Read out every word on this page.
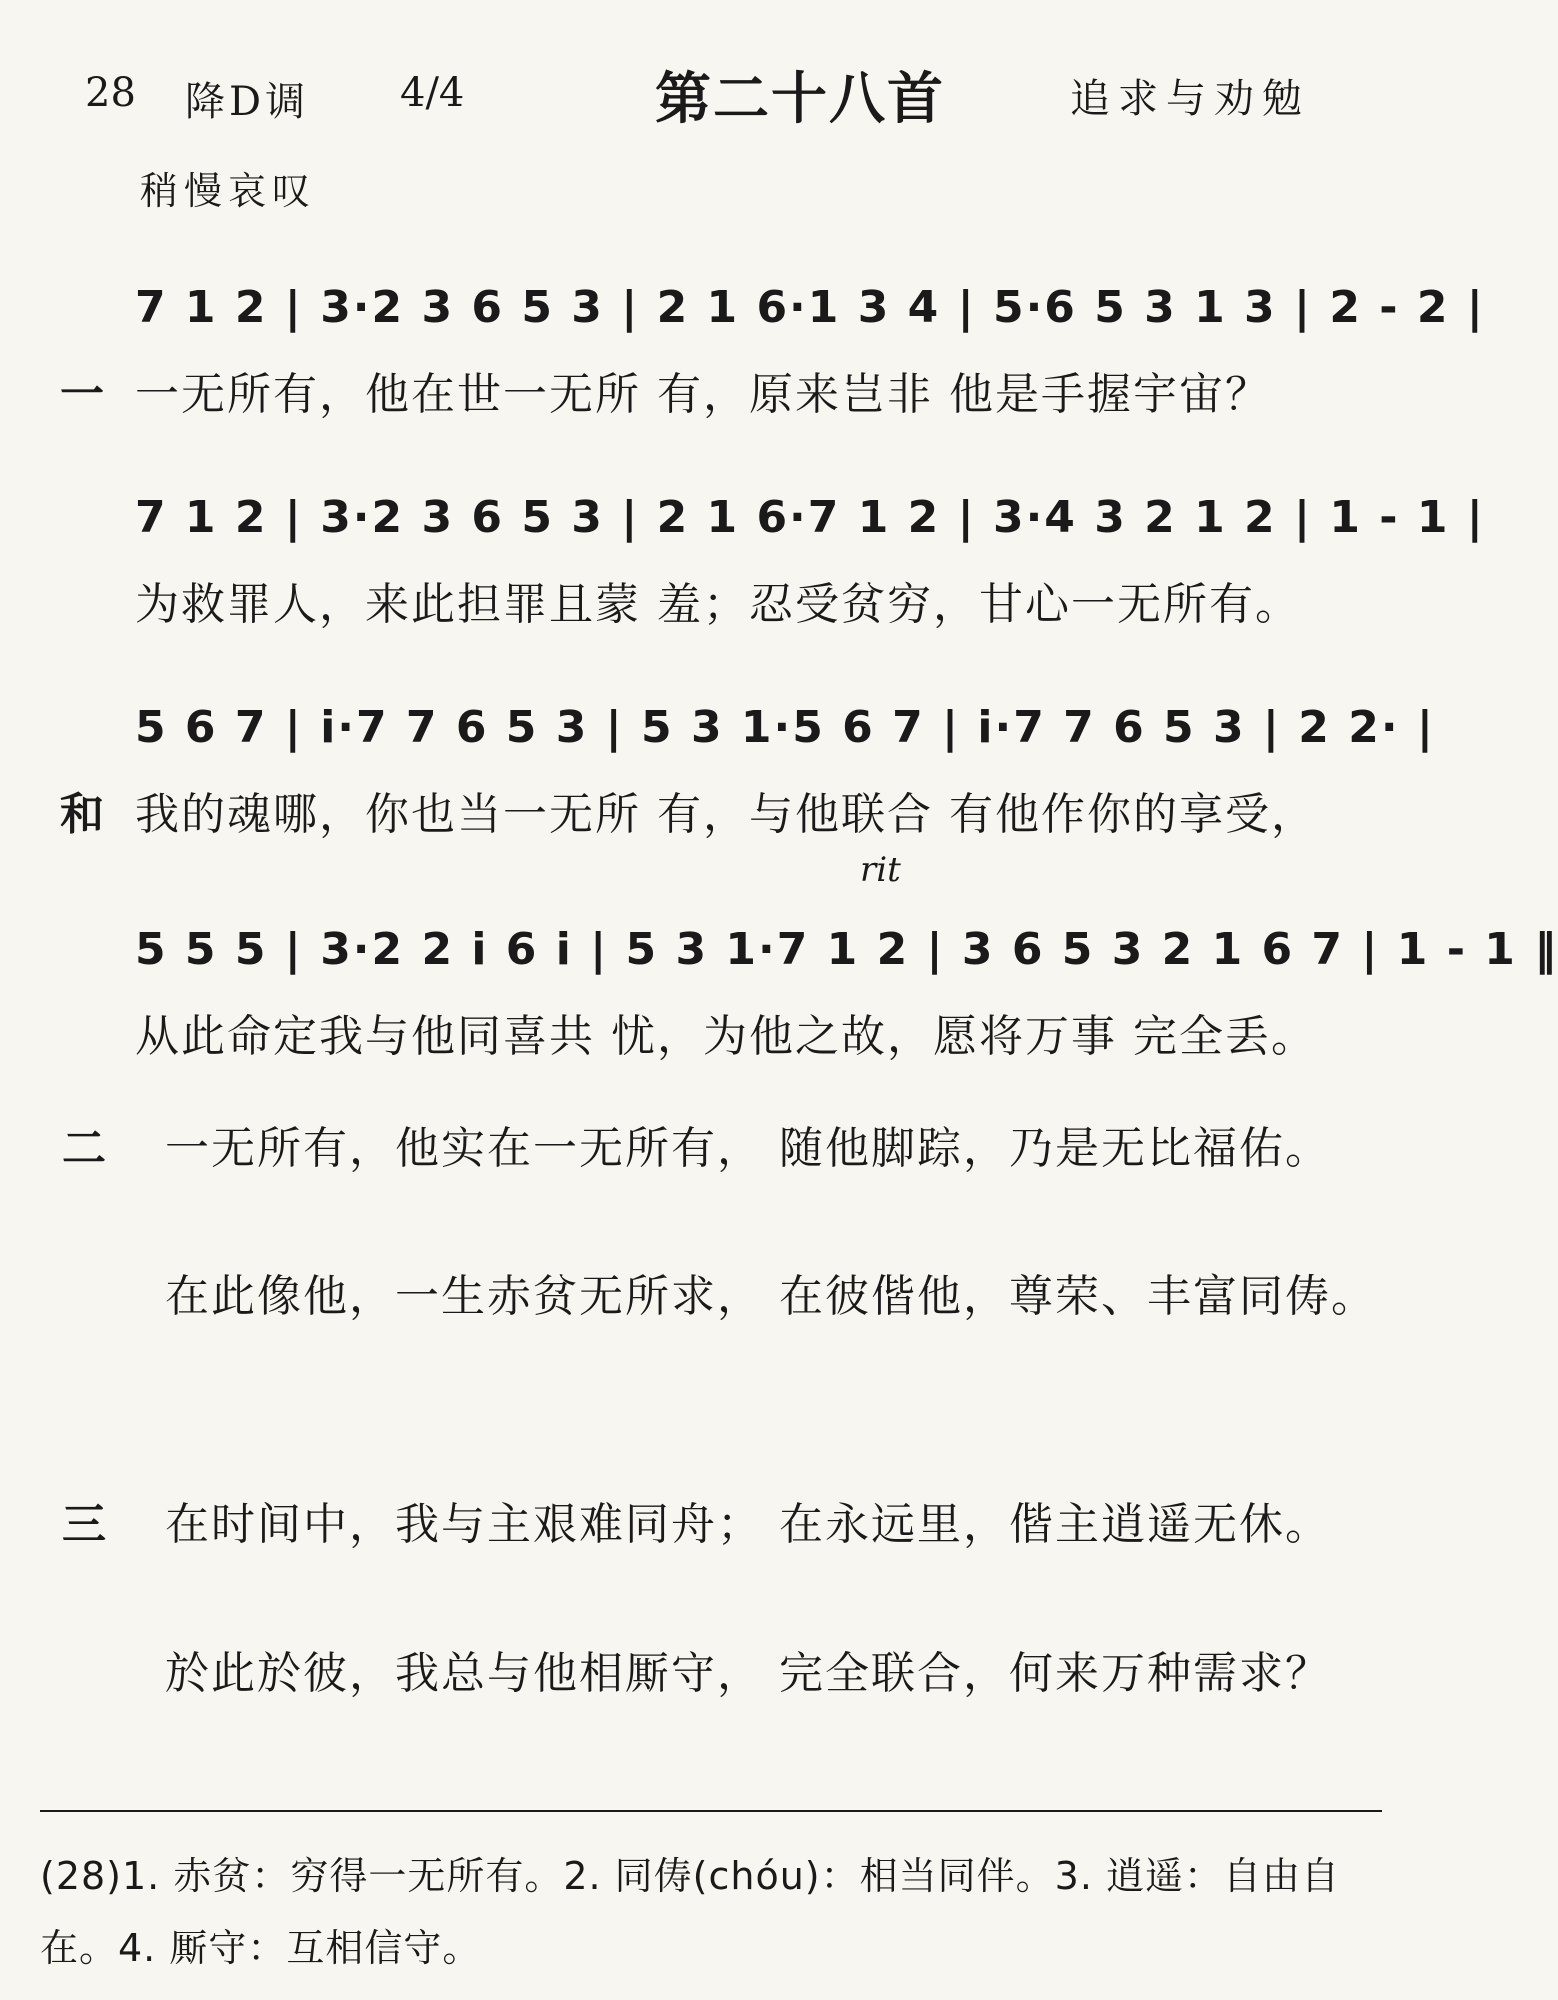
28 降D调 4/4	第二十八首	追求与劝勉
稍慢哀叹
7 1 2 | 3·2 3 6 5 3 | 2 1 6·1 3 4 | 5·6 5 3 1 3 | 2 - 2 |
一 一无所有，他在世一无所 有，原来岂非 他是手握宇宙？
7 1 2 | 3·2 3 6 5 3 | 2 1 6·7 1 2 | 3·4 3 2 1 2 | 1 - 1 |
为救罪人，来此担罪且蒙 羞；忍受贫穷，甘心一无所有。
5 6 7 | i·7 7 6 5 3 | 5 3 1·5 6 7 | i·7 7 6 5 3 | 2 2· |
和 我的魂哪，你也当一无所 有，与他联合 有他作你的享受，
rit
5 5 5 | 3·2 2 i 6 i | 5 3 1·7 1 2 | 3 6 5 3 2 1 6 7 | 1 - 1 ‖
从此命定我与他同喜共 忧，为他之故，愿将万事 完全丢。
二 一无所有，他实在一无所有， 随他脚踪，乃是无比福佑。
在此像他，一生赤贫无所求， 在彼偕他，尊荣、丰富同俦。
三 在时间中，我与主艰难同舟； 在永远里，偕主逍遥无休。
於此於彼，我总与他相厮守， 完全联合，何来万种需求？
(28)1. 赤贫：穷得一无所有。2. 同俦(chóu)：相当同伴。3. 逍遥：自由自
在。4. 厮守：互相信守。
